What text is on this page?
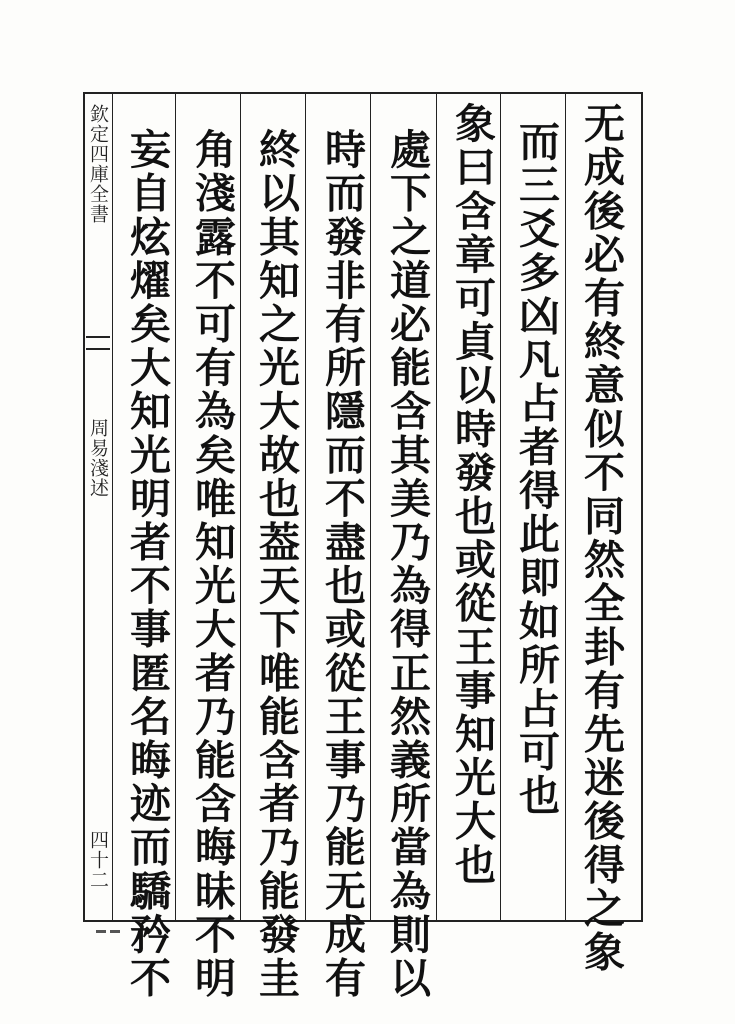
欽定四庫全書
周易淺述
四十二	无成後必有終意似不同然全卦有先迷後得之象
而三爻多凶凡占者得此即如所占可也
象曰含章可貞以時發也或從王事知光大也
處下之道必能含其美乃為得正然義所當為則以
時而發非有所隱而不盡也或從王事乃能无成有
終以其知之光大故也葢天下唯能含者乃能發圭
角淺露不可有為矣唯知光大者乃能含晦昧不明
妄自炫燿矣大知光明者不事匿名晦迹而驕矜不
